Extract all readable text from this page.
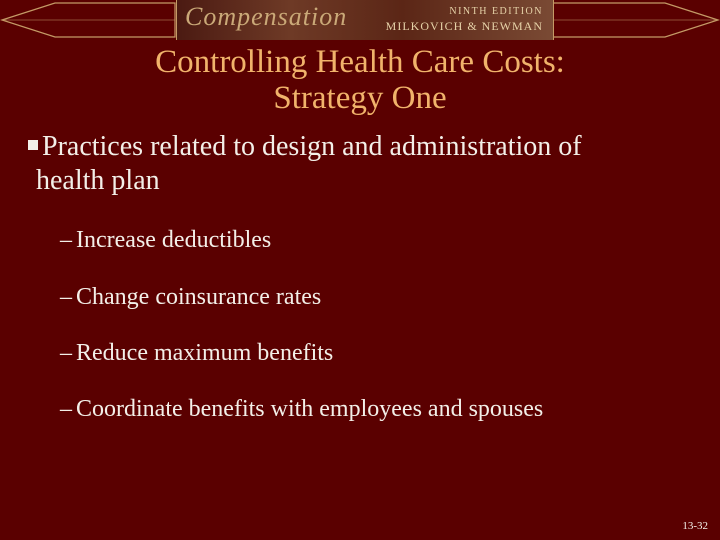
Compensation	NINTH EDITION
MILKOVICH & NEWMAN
Controlling Health Care Costs:
Strategy One
Practices related to design and administration of
health plan
– Increase deductibles
– Change coinsurance rates
– Reduce maximum benefits
– Coordinate benefits with employees and spouses
13-32
